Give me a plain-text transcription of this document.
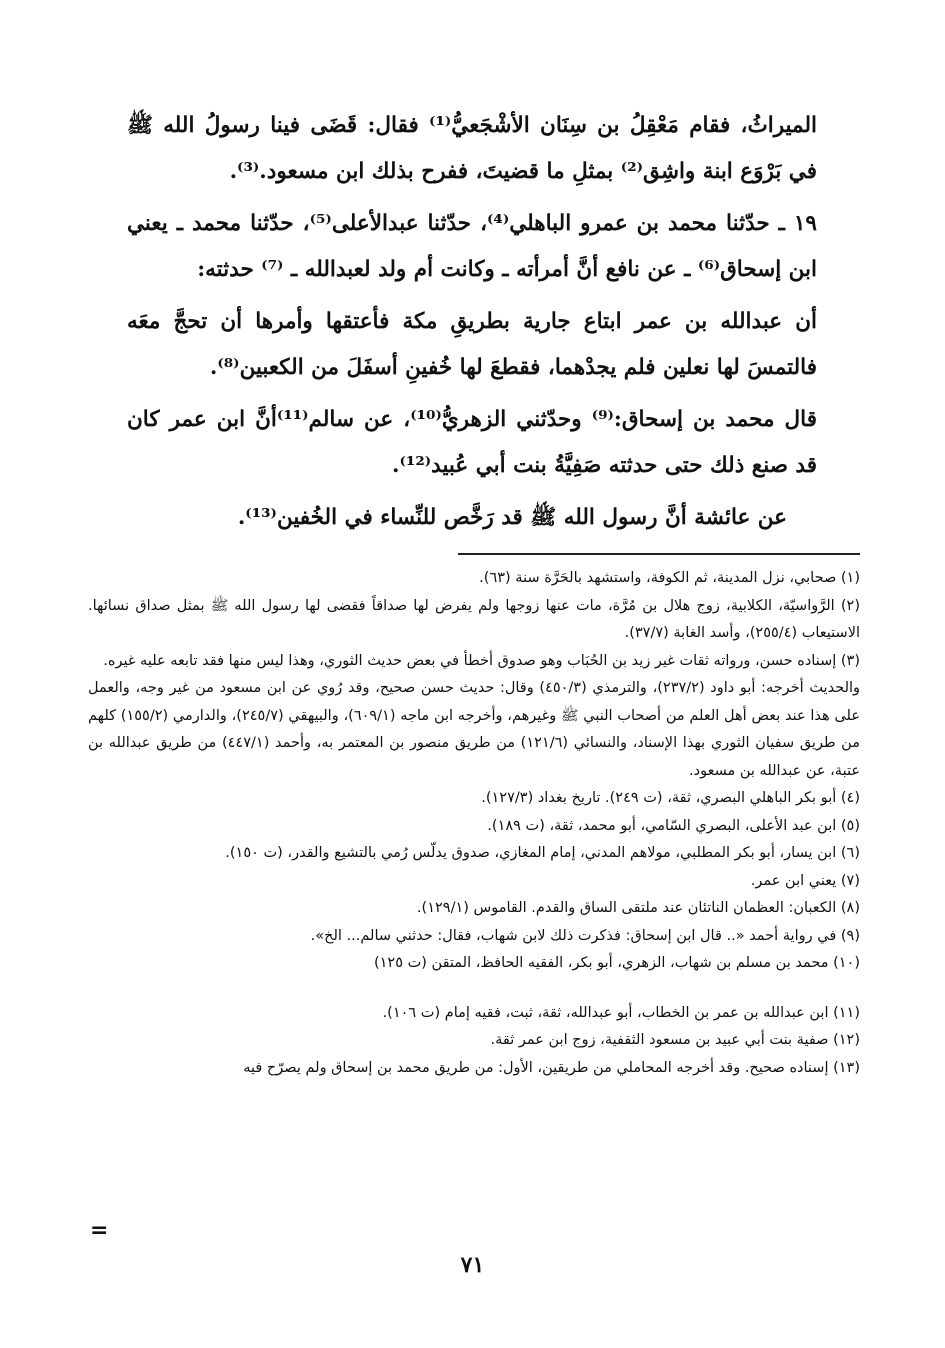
الميراثُ، فقام مَعْقِلُ بن سِنَان الأشْجَعيُّ⁽¹⁾ فقال: قَضَى فينا رسولُ الله ﷺ في بَرْوَع ابنة واشِق⁽²⁾ بمثلِ ما قضيتَ، ففرح بذلك ابن مسعود.⁽³⁾.

١٩ ـ حدّثنا محمد بن عمرو الباهلي⁽⁴⁾، حدّثنا عبدالأعلى⁽⁵⁾، حدّثنا محمد ـ يعني ابن إسحاق⁽⁶⁾ ـ عن نافع أنَّ أمرأته ـ وكانت أم ولد لعبدالله ـ ⁽⁷⁾ حدثته:

أن عبدالله بن عمر ابتاع جارية بطريقِ مكة فأعتقها وأمرها أن تحجَّ معَه فالتمسَ لها نعلين فلم يجدْهما، فقطعَ لها خُفينِ أسفَلَ من الكعبين⁽⁸⁾.

قال محمد بن إسحاق:⁽⁹⁾ وحدّثني الزهريُّ⁽¹⁰⁾، عن سالم⁽¹¹⁾أنَّ ابن عمر كان قد صنع ذلك حتى حدثته صَفِيَّةُ بنت أبي عُبيد⁽¹²⁾.

عن عائشة أنَّ رسول الله ﷺ قد رَخَّص للنِّساء في الخُفين⁽¹³⁾.

(١) صحابي، نزل المدينة، ثم الكوفة، واستشهد بالحَرَّة سنة (٦٣).

(٢) الرَّواسيّة، الكلابية، زوج هلال بن مُرَّة، مات عنها زوجها ولم يفرض لها صداقاً فقضى لها رسول الله ﷺ بمثل صداق نسائها. الاستيعاب (٢٥٥/٤)، وأسد الغابة (٣٧/٧).

(٣) إسناده حسن، ورواته ثقات غير زيد بن الحُبَاب وهو صدوق أخطأ في بعض حديث الثوري، وهذا ليس منها فقد تابعه عليه غيره.

والحديث أخرجه: أبو داود (٢٣٧/٢)، والترمذي (٤٥٠/٣) وقال: حديث حسن صحيح، وقد رُوي عن ابن مسعود من غير وجه، والعمل على هذا عند بعض أهل العلم من أصحاب النبي ﷺ وغيرهم، وأخرجه ابن ماجه (٦٠٩/١)، والبيهقي (٢٤٥/٧)، والدارمي (١٥٥/٢) كلهم من طريق سفيان الثوري بهذا الإسناد، والنسائي (١٢١/٦) من طريق منصور بن المعتمر به، وأحمد (٤٤٧/١) من طريق عبدالله بن عتبة، عن عبدالله بن مسعود.

(٤) أبو بكر الباهلي البصري، ثقة، (ت ٢٤٩). تاريخ بغداد (١٢٧/٣).

(٥) ابن عبد الأعلى، البصري السّامي، أبو محمد، ثقة، (ت ١٨٩).

(٦) ابن يسار، أبو بكر المطلبي، مولاهم المدني، إمام المغازي، صدوق يدلّس رُمي بالتشيع والقدر، (ت ١٥٠).

(٧) يعني ابن عمر.

(٨) الكعبان: العظمان الناتئان عند ملتقى الساق والقدم. القاموس (١٢٩/١).

(٩) في رواية أحمد «.. قال ابن إسحاق: فذكرت ذلك لابن شهاب، فقال: حدثني سالم... الخ».

(١٠) محمد بن مسلم بن شهاب، الزهري، أبو بكر، الفقيه الحافظ، المتقن (ت ١٢٥)

(١١) ابن عبدالله بن عمر بن الخطاب، أبو عبدالله، ثقة، ثبت، فقيه إمام (ت ١٠٦).

(١٢) صفية بنت أبي عبيد بن مسعود الثقفية، زوج ابن عمر ثقة.

(١٣) إسناده صحيح. وقد أخرجه المحاملي من طريقين، الأول: من طريق محمد بن إسحاق ولم يصرّح فيه

=
٧١
